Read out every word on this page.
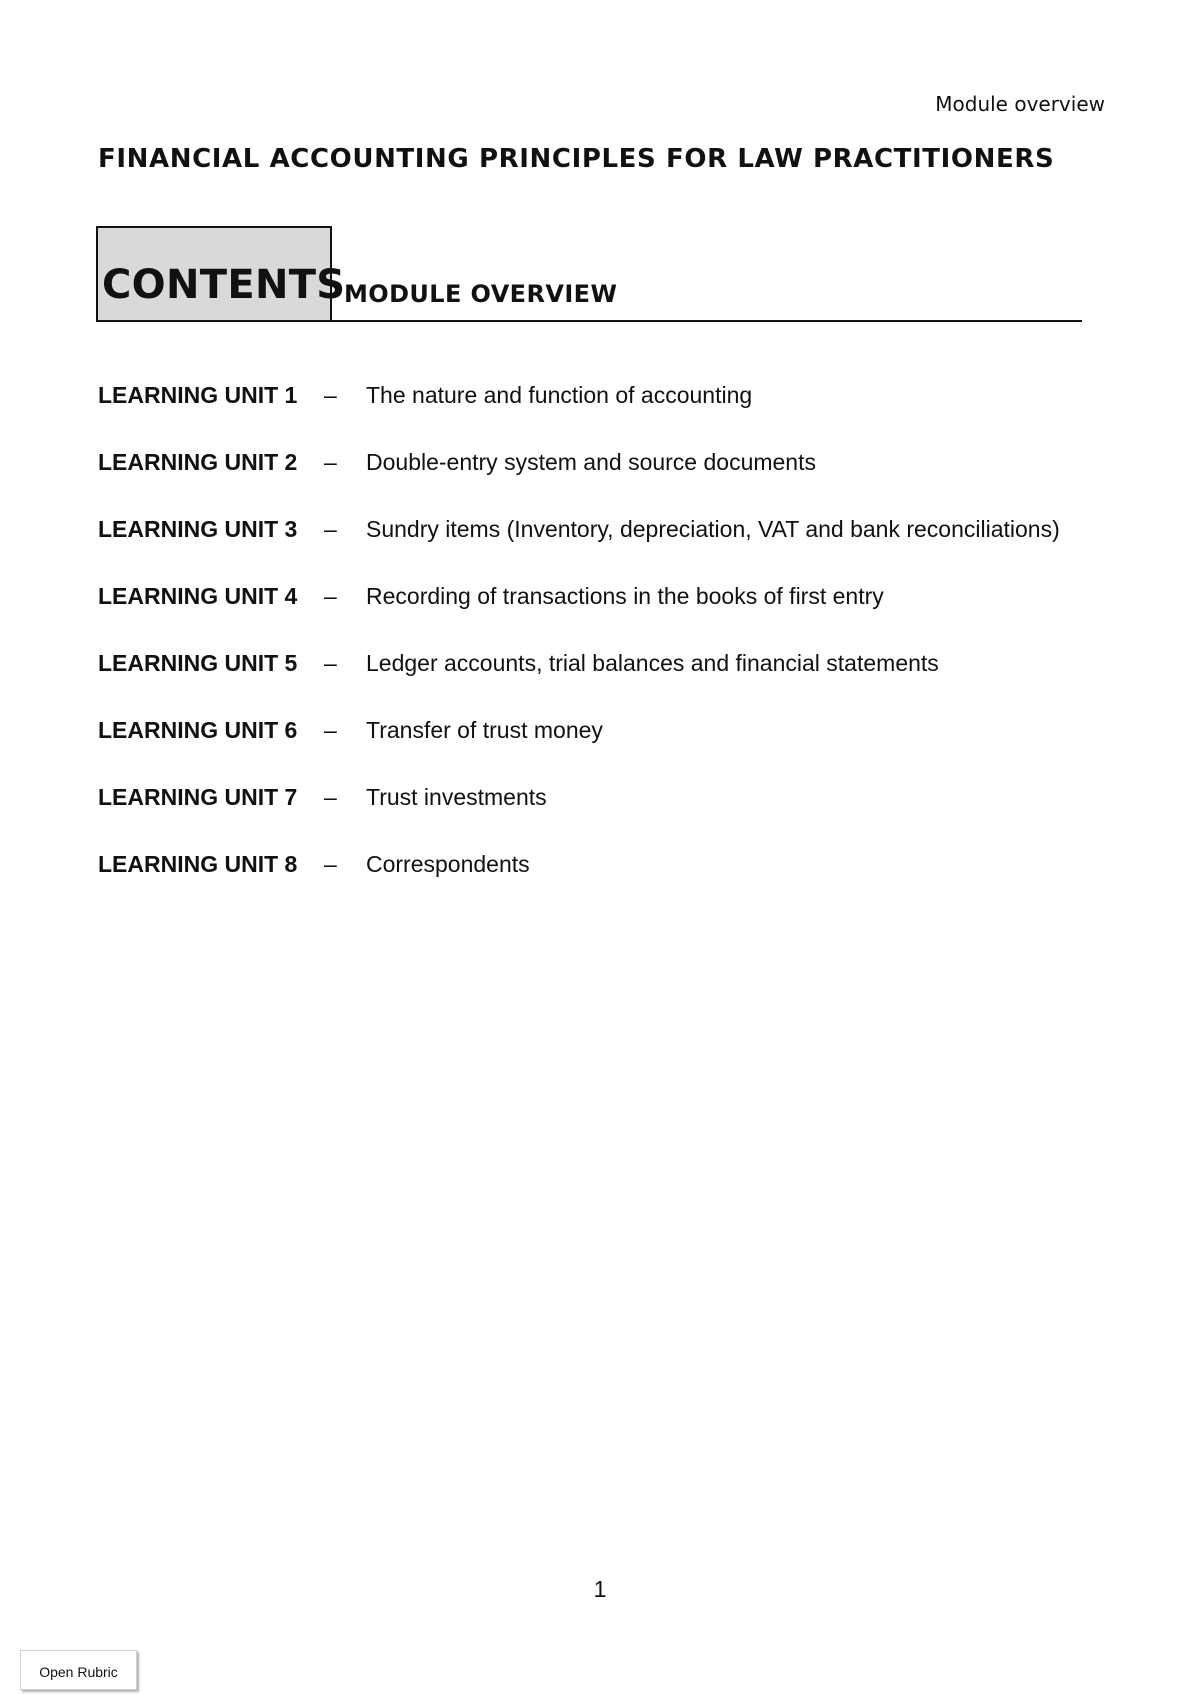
Module overview
FINANCIAL ACCOUNTING PRINCIPLES FOR LAW PRACTITIONERS
CONTENTS
MODULE OVERVIEW
LEARNING UNIT 1	–	The nature and function of accounting
LEARNING UNIT 2	–	Double-entry system and source documents
LEARNING UNIT 3	–	Sundry items (Inventory, depreciation, VAT and bank reconciliations)
LEARNING UNIT 4	–	Recording of transactions in the books of first entry
LEARNING UNIT 5	–	Ledger accounts, trial balances and financial statements
LEARNING UNIT 6	–	Transfer of trust money
LEARNING UNIT 7	–	Trust investments
LEARNING UNIT 8	–	Correspondents
1
Open Rubric
